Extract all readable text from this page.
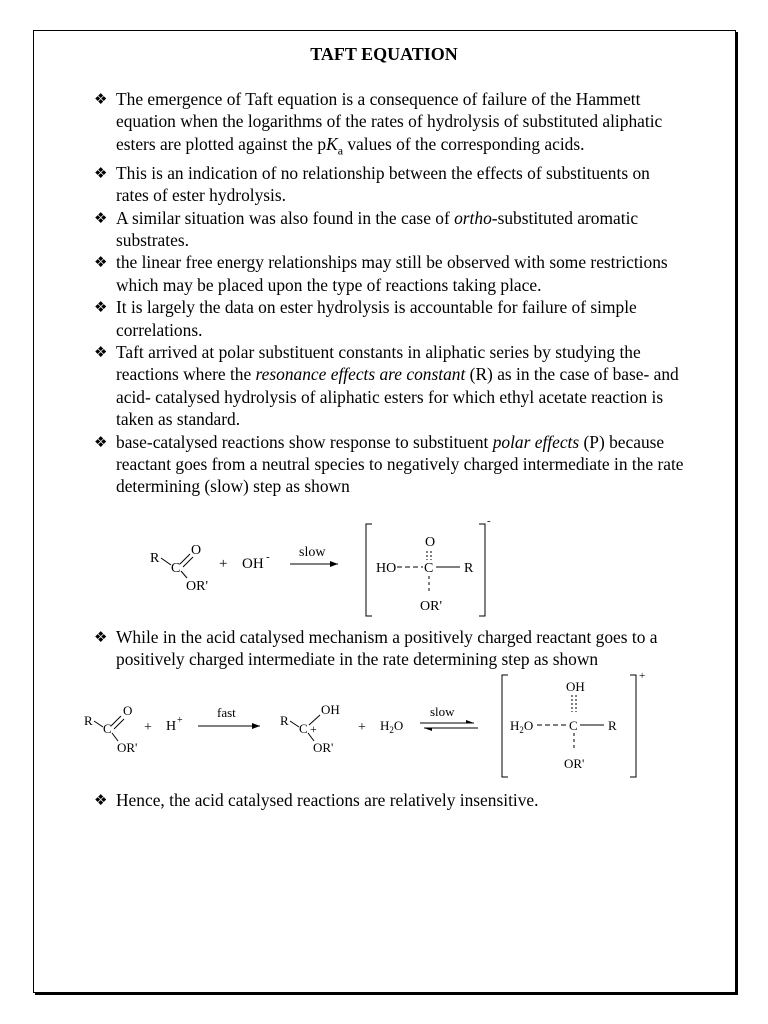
TAFT EQUATION
❖ The emergence of Taft equation is a consequence of failure of the Hammett equation when the logarithms of the rates of hydrolysis of substituted aliphatic esters are plotted against the $pK_a$ values of the corresponding acids.
❖ This is an indication of no relationship between the effects of substituents on rates of ester hydrolysis.
❖ A similar situation was also found in the case of ortho-substituted aromatic substrates.
❖ the linear free energy relationships may still be observed with some restrictions which may be placed upon the type of reactions taking place.
❖ It is largely the data on ester hydrolysis is accountable for failure of simple correlations.
❖ Taft arrived at polar substituent constants in aliphatic series by studying the reactions where the resonance effects are constant (R) as in the case of base- and acid- catalysed hydrolysis of aliphatic esters for which ethyl acetate reaction is taken as standard.
❖ base-catalysed reactions show response to substituent polar effects (P) because reactant goes from a neutral species to negatively charged intermediate in the rate determining (slow) step as shown
R
C
O
OR'
+ OH - slow
-
O
HO C R
OR'
❖ While in the acid catalysed mechanism a positively charged reactant goes to a positively charged intermediate in the rate determining step as shown
R
C
O
OR'
+ H +
fast
R
C +
OH
OR'
+ $H_2O$
slow
+
OH
$H_2O$	C R
OR'
❖ Hence, the acid catalysed reactions are relatively insensitive.
